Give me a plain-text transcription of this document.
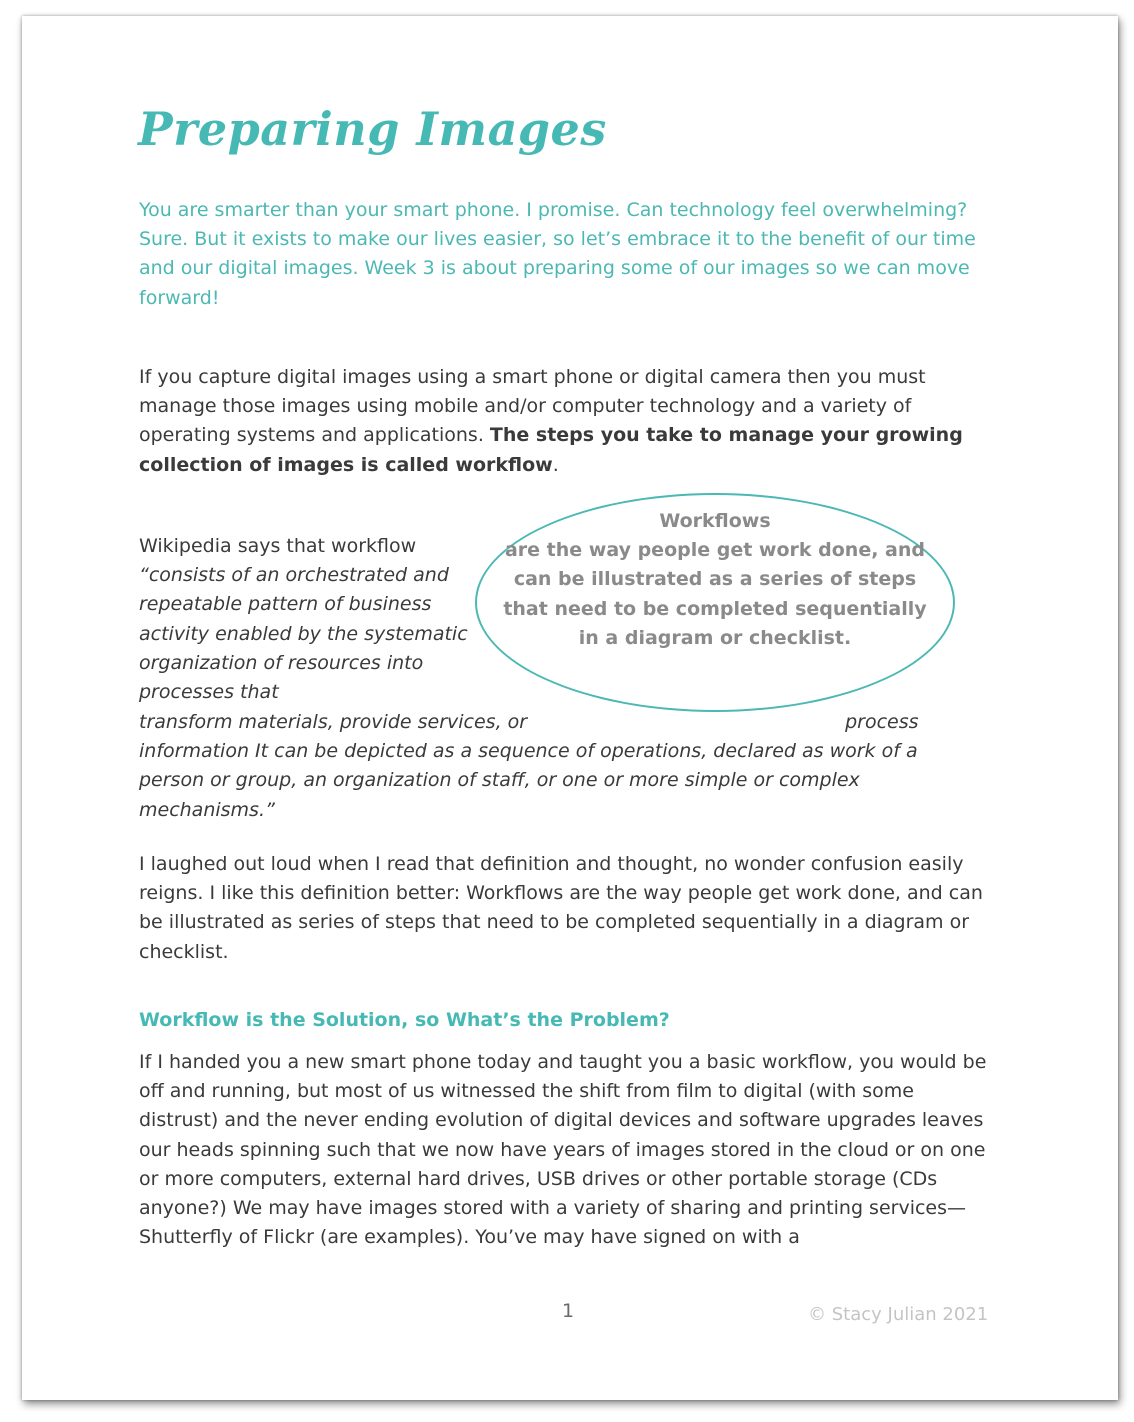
Preparing Images

You are smarter than your smart phone. I promise. Can technology feel overwhelming? Sure. But it exists to make our lives easier, so let’s embrace it to the benefit of our time and our digital images. Week 3 is about preparing some of our images so we can move forward!

If you capture digital images using a smart phone or digital camera then you must manage those images using mobile and/or computer technology and a variety of operating systems and applications. The steps you take to manage your growing collection of images is called workflow.

Wikipedia says that workflow “consists of an orchestrated and repeatable pattern of business activity enabled by the systematic organization of resources into processes that

Workflows
are the way people get work done, and can be illustrated as a series of steps that need to be completed sequentially in a diagram or checklist.

transform materials, provide services, or	process information It can be depicted as a sequence of operations, declared as work of a person or group, an organization of staff, or one or more simple or complex mechanisms.”

I laughed out loud when I read that definition and thought, no wonder confusion easily reigns. I like this definition better: Workflows are the way people get work done, and can be illustrated as series of steps that need to be completed sequentially in a diagram or checklist.

Workflow is the Solution, so What’s the Problem?

If I handed you a new smart phone today and taught you a basic workflow, you would be off and running, but most of us witnessed the shift from film to digital (with some distrust) and the never ending evolution of digital devices and software upgrades leaves our heads spinning such that we now have years of images stored in the cloud or on one or more computers, external hard drives, USB drives or other portable storage (CDs anyone?) We may have images stored with a variety of sharing and printing services—Shutterfly of Flickr (are examples). You’ve may have signed on with a

1	© Stacy Julian 2021
